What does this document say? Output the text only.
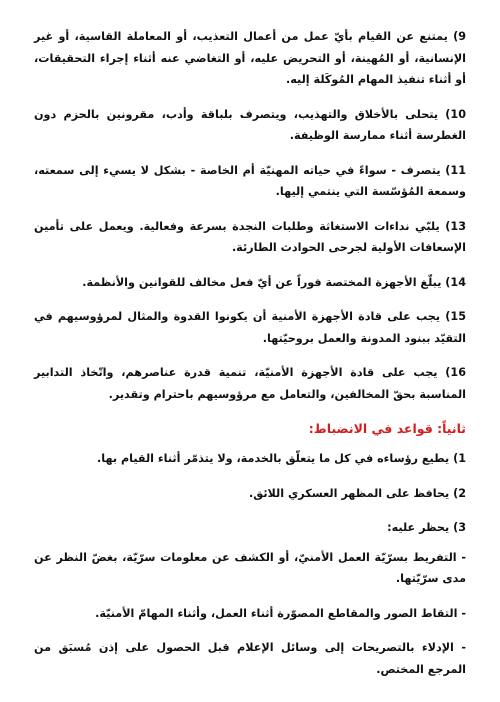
9) يمتنع عن القيام بأيّ عمل من أعمال التعذيب، أو المعاملة القاسية، أو غير الإنسانية، أو المُهينة، أو التحريض عليه، أو التغاضي عنه أثناء إجراء التحقيقات، أو أثناء تنفيذ المهام المُوكَلة إليه.

10) يتحلى بالأخلاق والتهذيب، ويتصرف بلباقة وأدب، مقرونين بالحزم دون الغطرسة أثناء ممارسة الوظيفة.

11) يتصرف - سواءً في حياته المهنيّة أم الخاصة - بشكل لا يسيء إلى سمعته، وسمعة المُؤسّسة التي ينتمي إليها.

13) يلبّي نداءات الاستغاثة وطلبات النجدة بسرعة وفعالية. ويعمل على تأمين الإسعافات الأولية لجرحى الحوادث الطارئة.

14) يبلّغ الأجهزة المختصة فوراً عن أيّ فعل مخالف للقوانين والأنظمة.

15) يجب على قادة الأجهزة الأمنية أن يكونوا القدوة والمثال لمرؤوسيهم في التقيّد ببنود المدونة والعمل بروحيّتها.

16) يجب على قادة الأجهزة الأمنيّة، تنمية قدرة عناصرهم، واتّخاذ التدابير المناسبة بحقّ المخالفين، والتعامل مع مرؤوسيهم باحترام وتقدير.

ثانياً: قواعد في الانضباط:

1) يطيع رؤساءه في كل ما يتعلّق بالخدمة، ولا يتذمّر أثناء القيام بها.

2) يحافظ على المظهر العسكري اللائق.

3) يحظر عليه:

- التفريط بسرّيّة العمل الأمنيّ، أو الكشف عن معلومات سرّيّة، بغضّ النظر عن مدى سرّيّتها.

- التقاط الصور والمقاطع المصوّرة أثناء العمل، وأثناء المهامّ الأمنيّة.

- الإدلاء بالتصريحات إلى وسائل الإعلام قبل الحصول على إذن مُسبَق من المرجع المختص.
